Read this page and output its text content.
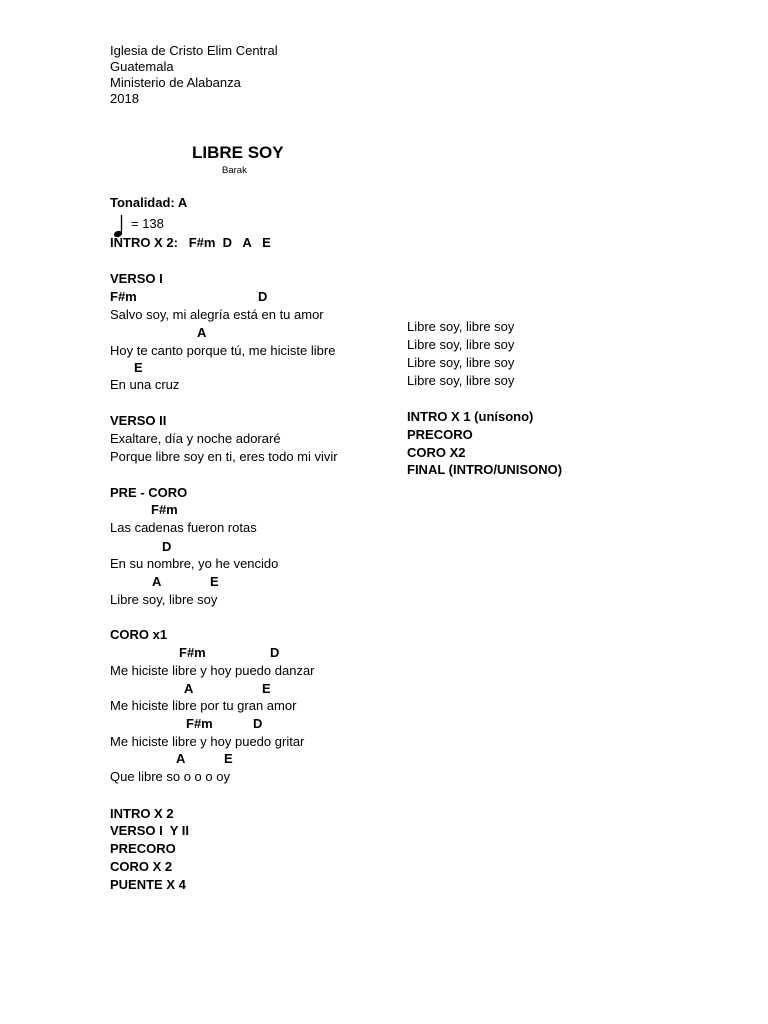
Iglesia de Cristo Elim Central
Guatemala
Ministerio de Alabanza
2018
LIBRE SOY
Barak
Tonalidad: A
= 138
INTRO X 2:   F#m  D   A   E
VERSO I
F#m	D
Salvo soy, mi alegría está en tu amor
A
Hoy te canto porque tú, me hiciste libre
E
En una cruz
VERSO II
Exaltare, día y noche adoraré
Porque libre soy en ti, eres todo mi vivir
PRE - CORO
F#m
Las cadenas fueron rotas
D
En su nombre, yo he vencido
A	E
Libre soy, libre soy
CORO x1
F#m	D
Me hiciste libre y hoy puedo danzar
A	E
Me hiciste libre por tu gran amor
F#m	D
Me hiciste libre y hoy puedo gritar
A	E
Que libre so o o o oy
INTRO X 2
VERSO I  Y II
PRECORO
CORO X 2
PUENTE X 4
Libre soy, libre soy
Libre soy, libre soy
Libre soy, libre soy
Libre soy, libre soy
INTRO X 1 (unísono)
PRECORO
CORO X2
FINAL (INTRO/UNISONO)
